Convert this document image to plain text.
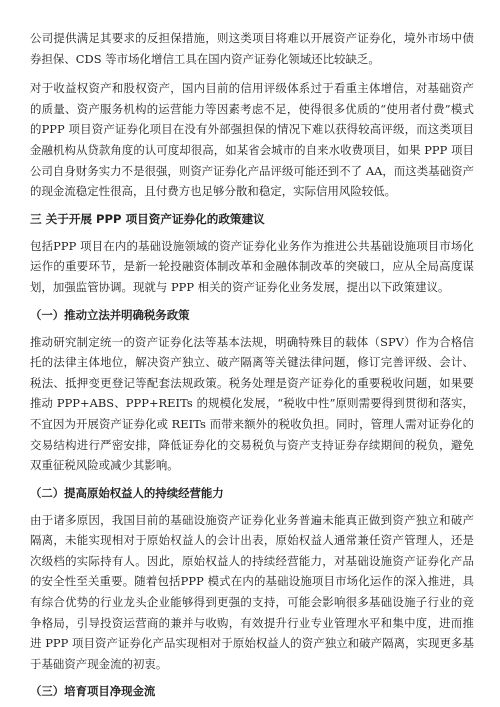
公司提供满足其要求的反担保措施，则这类项目将难以开展资产证券化，境外市场中债券担保、CDS 等市场化增信工具在国内资产证券化领域还比较缺乏。

对于收益权资产和股权资产，国内目前的信用评级体系过于看重主体增信，对基础资产的质量、资产服务机构的运营能力等因素考虑不足，使得很多优质的“使用者付费”模式的PPP 项目资产证券化项目在没有外部强担保的情况下难以获得较高评级，而这类项目金融机构从贷款角度的认可度却很高，如某省会城市的自来水收费项目，如果 PPP 项目公司自身财务实力不是很强，则资产证券化产品评级可能还到不了 AA，而这类基础资产的现金流稳定性很高，且付费方也足够分散和稳定，实际信用风险较低。

三 关于开展 PPP 项目资产证券化的政策建议

包括PPP 项目在内的基础设施领域的资产证券化业务作为推进公共基础设施项目市场化运作的重要环节，是新一轮投融资体制改革和金融体制改革的突破口，应从全局高度谋划，加强监管协调。现就与 PPP 相关的资产证券化业务发展，提出以下政策建议。

（一）推动立法并明确税务政策

推动研究制定统一的资产证券化法等基本法规，明确特殊目的载体（SPV）作为合格信托的法律主体地位，解决资产独立、破产隔离等关键法律问题，修订完善评级、会计、税法、抵押变更登记等配套法规政策。税务处理是资产证券化的重要税收问题，如果要推动 PPP+ABS、PPP+REITs 的规模化发展，“税收中性”原则需要得到贯彻和落实，不宜因为开展资产证券化或 REITs 而带来额外的税收负担。同时，管理人需对证券化的交易结构进行严密安排，降低证券化的交易税负与资产支持证券存续期间的税负，避免双重征税风险或减少其影响。

（二）提高原始权益人的持续经营能力

由于诸多原因，我国目前的基础设施资产证券化业务普遍未能真正做到资产独立和破产隔离，未能实现相对于原始权益人的会计出表，原始权益人通常兼任资产管理人，还是次级档的实际持有人。因此，原始权益人的持续经营能力，对基础设施资产证券化产品的安全性至关重要。随着包括PPP 模式在内的基础设施项目市场化运作的深入推进，具有综合优势的行业龙头企业能够得到更强的支持，可能会影响很多基础设施子行业的竞争格局，引导投资运营商的兼并与收购，有效提升行业专业管理水平和集中度，进而推进 PPP 项目资产证券化产品实现相对于原始权益人的资产独立和破产隔离，实现更多基于基础资产现金流的初衷。

（三）培育项目净现金流
